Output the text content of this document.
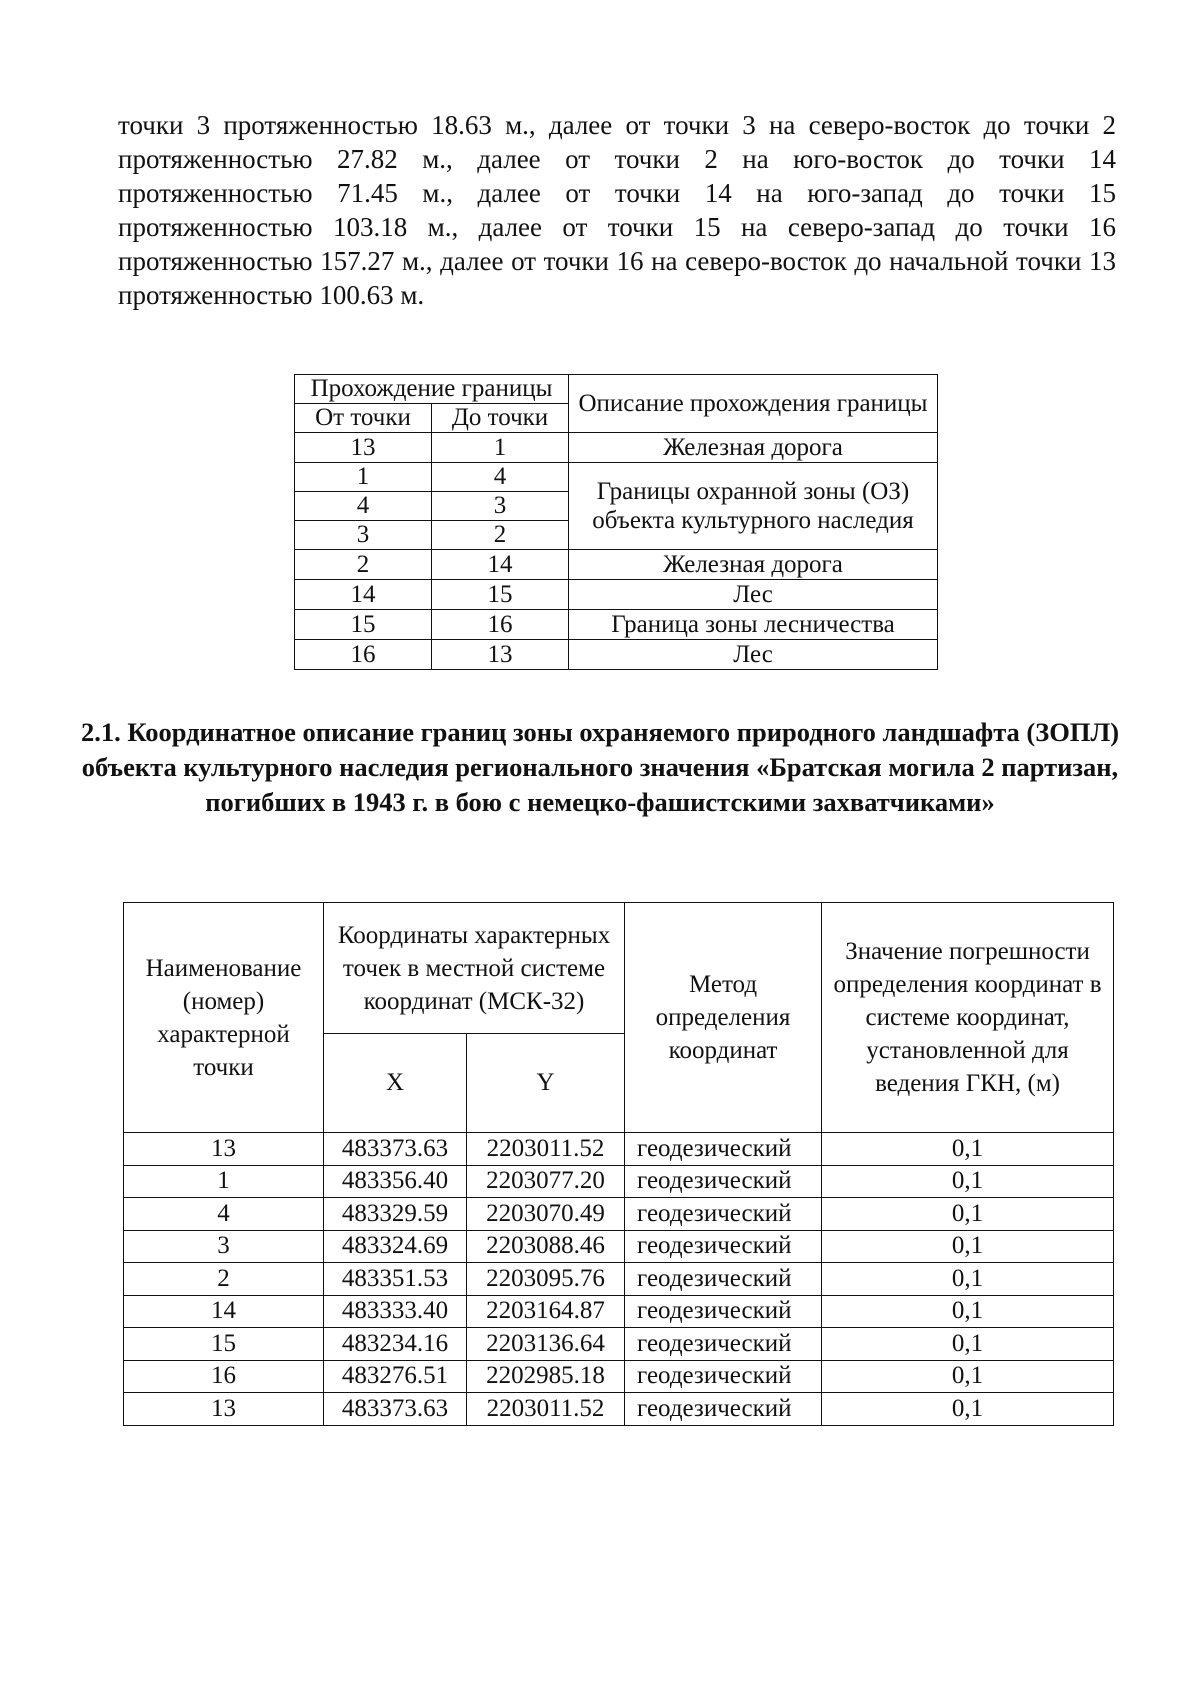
точки 3 протяженностью 18.63 м., далее от точки 3 на северо-восток до точки 2 протяженностью 27.82 м., далее от точки 2 на юго-восток до точки 14 протяженностью 71.45 м., далее от точки 14 на юго-запад до точки 15 протяженностью 103.18 м., далее от точки 15 на северо-запад до точки 16 протяженностью 157.27 м., далее от точки 16 на северо-восток до начальной точки 13 протяженностью 100.63 м.

Прохождение границы		Описание прохождения границы
От точки	До точки	
13	1	Железная дорога
1	4	Границы охранной зоны (ОЗ) объекта культурного наследия
4	3	
3	2	
2	14	Железная дорога
14	15	Лес
15	16	Граница зоны лесничества
16	13	Лес
2.1. Координатное описание границ зоны охраняемого природного ландшафта (ЗОПЛ) объекта культурного наследия регионального значения «Братская могила 2 партизан, погибших в 1943 г. в бою с немецко-фашистскими захватчиками»
Наименование (номер) характерной точки	Координаты характерных точек в местной системе координат (МСК-32)		Метод определения координат	Значение погрешности определения координат в системе координат, установленной для ведения ГКН, (м)
	X	Y		
13	483373.63	2203011.52	геодезический	0,1
1	483356.40	2203077.20	геодезический	0,1
4	483329.59	2203070.49	геодезический	0,1
3	483324.69	2203088.46	геодезический	0,1
2	483351.53	2203095.76	геодезический	0,1
14	483333.40	2203164.87	геодезический	0,1
15	483234.16	2203136.64	геодезический	0,1
16	483276.51	2202985.18	геодезический	0,1
13	483373.63	2203011.52	геодезический	0,1
